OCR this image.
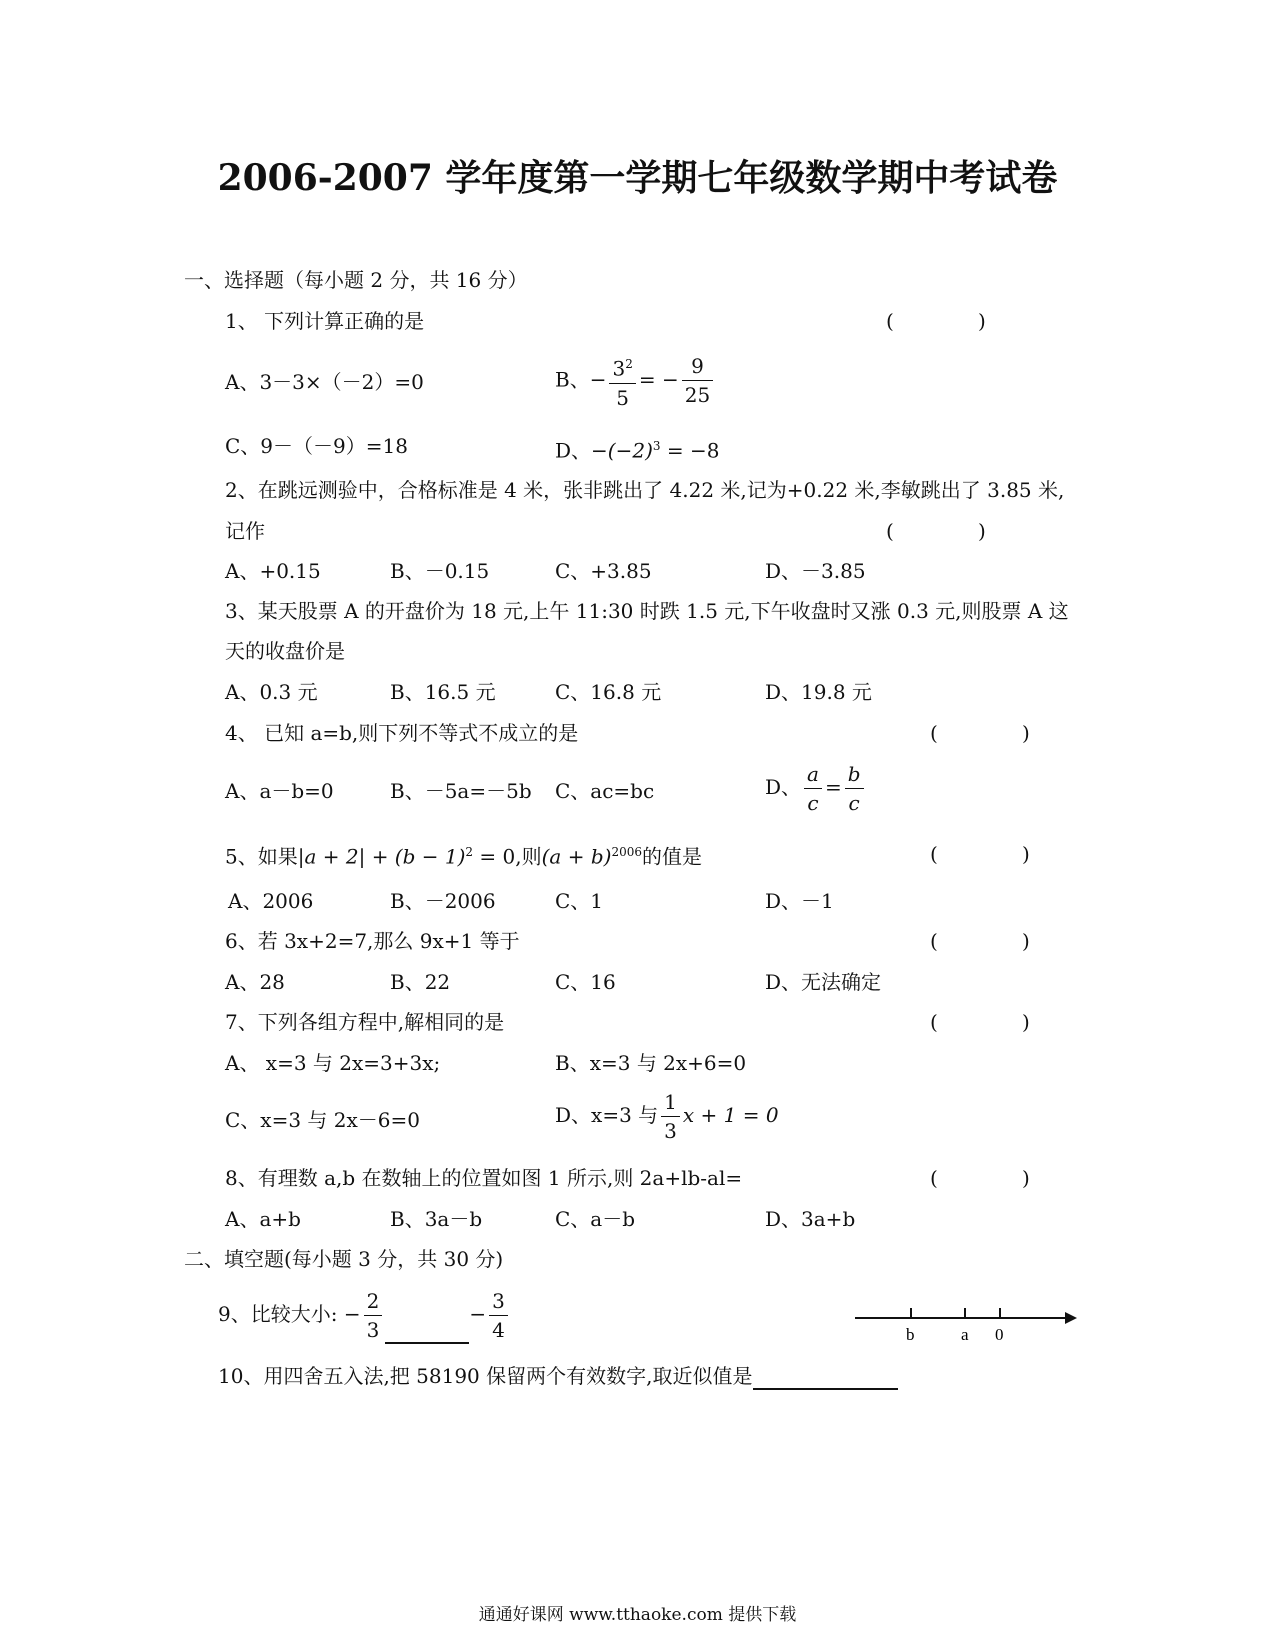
2006-2007 学年度第一学期七年级数学期中考试卷
一、选择题（每小题 2 分，共 16 分）
1、 下列计算正确的是	(	)
A、3－3×（－2）=0	B、− $\frac{3^2}{5}$ = − $\frac{9}{25}$
C、9－（－9）=18	D、$-(-2)^3 = -8$
2、在跳远测验中，合格标准是 4 米，张非跳出了 4.22 米,记为+0.22 米,李敏跳出了 3.85 米,
记作	(	)
A、+0.15	B、－0.15	C、+3.85	D、－3.85
3、某天股票 A 的开盘价为 18 元,上午 11:30 时跌 1.5 元,下午收盘时又涨 0.3 元,则股票 A 这
天的收盘价是
A、0.3 元	B、16.5 元	C、16.8 元	D、19.8 元
4、 已知 a=b,则下列不等式不成立的是	(	)
A、a－b=0	B、－5a=－5b C、ac=bc	D、 $\frac{a}{c} = \frac{b}{c}$
5、如果$|a + 2| + (b - 1)^2 = 0$,则$(a + b)^{2006}$的值是	(	)
A、2006	B、－2006	C、1	D、－1
6、若 3x+2=7,那么 9x+1 等于	(	)
A、28	B、22	C、16	D、无法确定
7、下列各组方程中,解相同的是	(	)
A、 x=3 与 2x=3+3x;	B、x=3 与 2x+6=0
C、x=3 与 2x－6=0	D、x=3 与 $\frac{1}{3}$ x + 1 = 0
8、有理数 a,b 在数轴上的位置如图 1 所示,则 2a+lb-al=	(	)
A、a+b	B、3a－b	C、a－b	D、3a+b
二、填空题(每小题 3 分，共 30 分)
b	a 0
9、比较大小: − $\frac{2}{3}$	− $\frac{3}{4}$
10、用四舍五入法,把 58190 保留两个有效数字,取近似值是
通通好课网 www.tthaoke.com 提供下载
